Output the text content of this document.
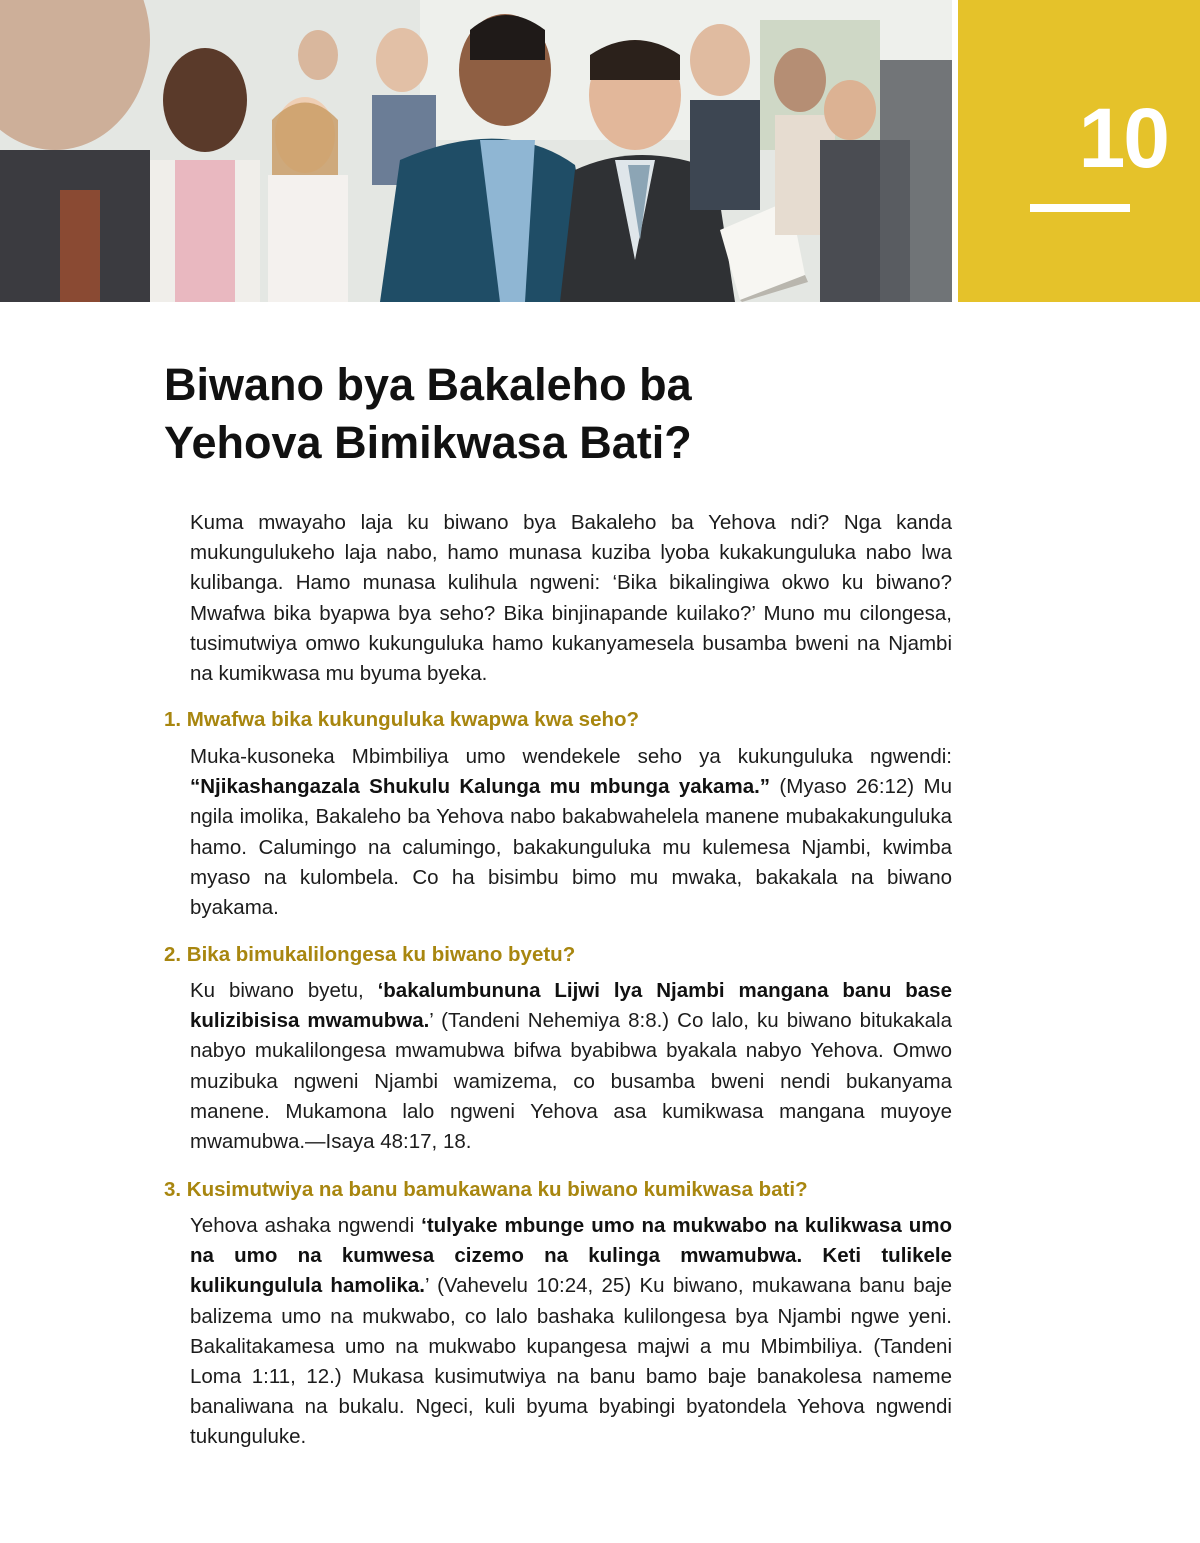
10
Biwano bya Bakaleho ba
Yehova Bimikwasa Bati?

Kuma mwayaho laja ku biwano bya Bakaleho ba Yehova ndi? Nga kanda mukungulukeho laja nabo, hamo munasa kuziba lyoba kukakunguluka nabo lwa kulibanga. Hamo munasa kulihula ngweni: ‘Bika bikalingiwa okwo ku biwano? Mwafwa bika byapwa bya seho? Bika binjinapande kuilako?’ Muno mu cilongesa, tusimutwiya omwo kukunguluka hamo kukanyamesela busamba bweni na Njambi na kumikwasa mu byuma byeka.

1. Mwafwa bika kukunguluka kwapwa kwa seho?

Muka-kusoneka Mbimbiliya umo wendekele seho ya kukunguluka ngwendi: “Njikashangazala Shukulu Kalunga mu mbunga yakama.” (Myaso 26:12) Mu ngila imolika, Bakaleho ba Yehova nabo bakabwahelela manene mubakakunguluka hamo. Calumingo na calumingo, bakakunguluka mu kulemesa Njambi, kwimba myaso na kulombela. Co ha bisimbu bimo mu mwaka, bakakala na biwano byakama.

2. Bika bimukalilongesa ku biwano byetu?

Ku biwano byetu, ‘bakalumbununa Lijwi lya Njambi mangana banu base kulizibisisa mwamubwa.’ (Tandeni Nehemiya 8:8.) Co lalo, ku biwano bitukakala nabyo mukalilongesa mwamubwa bifwa byabibwa byakala nabyo Yehova. Omwo muzibuka ngweni Njambi wamizema, co busamba bweni nendi bukanyama manene. Mukamona lalo ngweni Yehova asa kumikwasa mangana muyoye mwamubwa.—Isaya 48:17, 18.

3. Kusimutwiya na banu bamukawana ku biwano kumikwasa bati?

Yehova ashaka ngwendi ‘tulyake mbunge umo na mukwabo na kulikwasa umo na umo na kumwesa cizemo na kulinga mwamubwa. Keti tulikele kulikungulula hamolika.’ (Vahevelu 10:24, 25) Ku biwano, mukawana banu baje balizema umo na mukwabo, co lalo bashaka kulilongesa bya Njambi ngwe yeni. Bakalitakamesa umo na mukwabo kupangesa majwi a mu Mbimbiliya. (Tandeni Loma 1:11, 12.) Mukasa kusimutwiya na banu bamo baje banakolesa nameme banaliwana na bukalu. Ngeci, kuli byuma byabingi byatondela Yehova ngwendi tukunguluke.
